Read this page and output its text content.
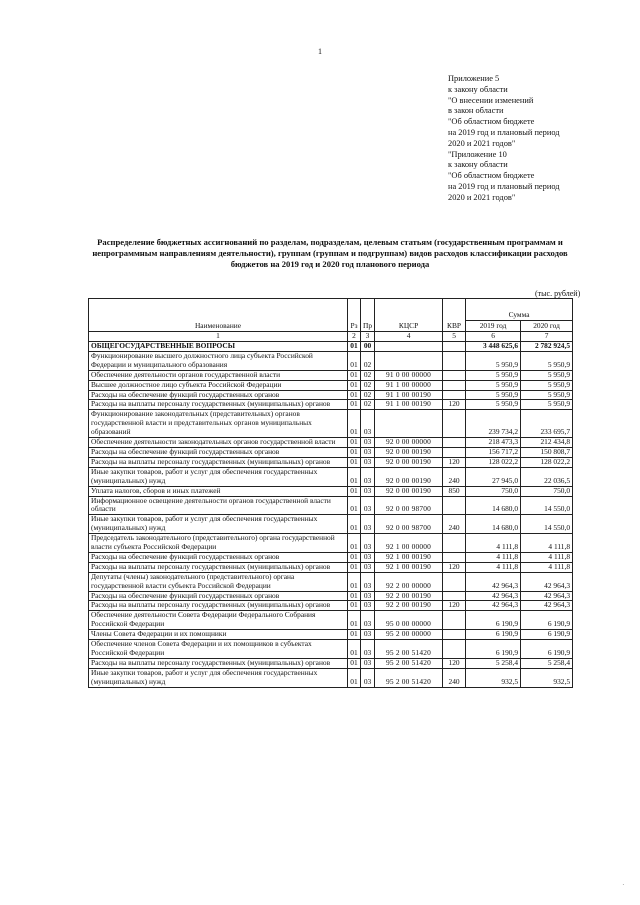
1
Приложение 5
к закону области
"О внесении изменений
в закон области
"Об областном бюджете
на 2019 год и плановый период
2020 и 2021 годов"
"Приложение 10
к закону области
"Об областном бюджете
на 2019 год и плановый период
2020 и 2021 годов"
Распределение бюджетных ассигнований по разделам, подразделам, целевым статьям (государственным программам и непрограммным направлениям деятельности), группам (группам и подгруппам) видов расходов классификации расходов бюджетов на 2019 год и 2020 год планового периода
(тыс. рублей)
Наименование	Рз	Пр	КЦСР	КВР	Сумма	
					2019 год	2020 год
1	2	3	4	5	6	7
ОБЩЕГОСУДАРСТВЕННЫЕ ВОПРОСЫ	01	00			3 448 625,6	2 782 924,5
Функционирование высшего должностного лица субъекта Российской Федерации и муниципального образования	01	02			5 950,9	5 950,9
Обеспечение деятельности органов государственной власти	01	02	91 0 00 00000		5 950,9	5 950,9
Высшее должностное лицо субъекта Российской Федерации	01	02	91 1 00 00000		5 950,9	5 950,9
Расходы на обеспечение функций государственных органов	01	02	91 1 00 00190		5 950,9	5 950,9
Расходы на выплаты персоналу государственных (муниципальных) органов	01	02	91 1 00 00190	120	5 950,9	5 950,9
Функционирование законодательных (представительных) органов государственной власти и представительных органов муниципальных образований	01	03			239 734,2	233 695,7
Обеспечение деятельности законодательных органов государственной власти	01	03	92 0 00 00000		218 473,3	212 434,8
Расходы на обеспечение функций государственных органов	01	03	92 0 00 00190		156 717,2	150 808,7
Расходы на выплаты персоналу государственных (муниципальных) органов	01	03	92 0 00 00190	120	128 022,2	128 022,2
Иные закупки товаров, работ и услуг для обеспечения государственных (муниципальных) нужд	01	03	92 0 00 00190	240	27 945,0	22 036,5
Уплата налогов, сборов и иных платежей	01	03	92 0 00 00190	850	750,0	750,0
Информационное освещение деятельности органов государственной власти области	01	03	92 0 00 98700		14 680,0	14 550,0
Иные закупки товаров, работ и услуг для обеспечения государственных (муниципальных) нужд	01	03	92 0 00 98700	240	14 680,0	14 550,0
Председатель законодательного (представительного) органа государственной власти субъекта Российской Федерации	01	03	92 1 00 00000		4 111,8	4 111,8
Расходы на обеспечение функций государственных органов	01	03	92 1 00 00190		4 111,8	4 111,8
Расходы на выплаты персоналу государственных (муниципальных) органов	01	03	92 1 00 00190	120	4 111,8	4 111,8
Депутаты (члены) законодательного (представительного) органа государственной власти субъекта Российской Федерации	01	03	92 2 00 00000		42 964,3	42 964,3
Расходы на обеспечение функций государственных органов	01	03	92 2 00 00190		42 964,3	42 964,3
Расходы на выплаты персоналу государственных (муниципальных) органов	01	03	92 2 00 00190	120	42 964,3	42 964,3
Обеспечение деятельности Совета Федерации Федерального Собрания Российской Федерации	01	03	95 0 00 00000		6 190,9	6 190,9
Члены Совета Федерации и их помощники	01	03	95 2 00 00000		6 190,9	6 190,9
Обеспечение членов Совета Федерации и их помощников в субъектах Российской Федерации	01	03	95 2 00 51420		6 190,9	6 190,9
Расходы на выплаты персоналу государственных (муниципальных) органов	01	03	95 2 00 51420	120	5 258,4	5 258,4
Иные закупки товаров, работ и услуг для обеспечения государственных (муниципальных) нужд	01	03	95 2 00 51420	240	932,5	932,5
.
